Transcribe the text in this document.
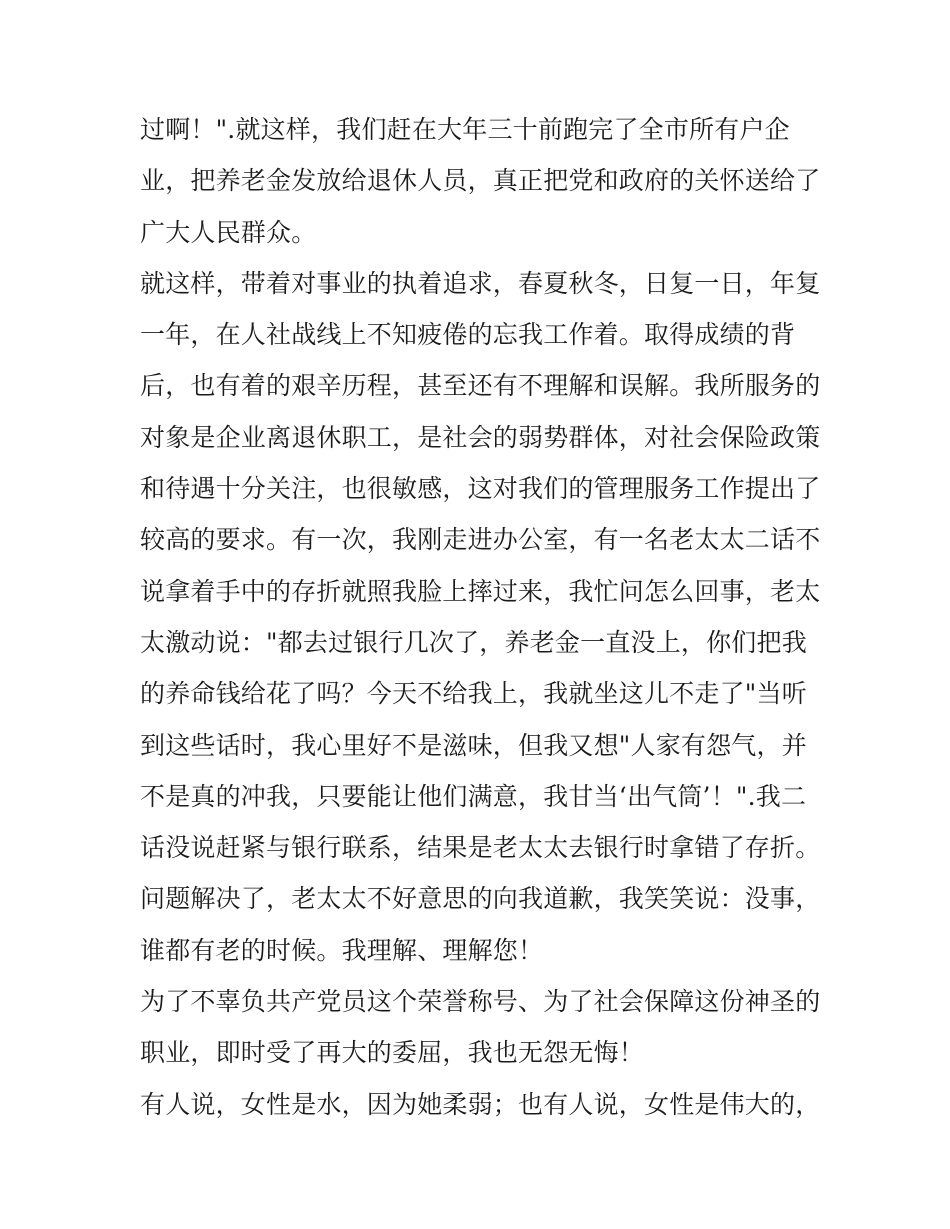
过啊！".就这样，我们赶在大年三十前跑完了全市所有户企
业，把养老金发放给退休人员，真正把党和政府的关怀送给了
广大人民群众。
就这样，带着对事业的执着追求，春夏秋冬，日复一日，年复
一年，在人社战线上不知疲倦的忘我工作着。取得成绩的背
后，也有着的艰辛历程，甚至还有不理解和误解。我所服务的
对象是企业离退休职工，是社会的弱势群体，对社会保险政策
和待遇十分关注，也很敏感，这对我们的管理服务工作提出了
较高的要求。有一次，我刚走进办公室，有一名老太太二话不
说拿着手中的存折就照我脸上摔过来，我忙问怎么回事，老太
太激动说："都去过银行几次了，养老金一直没上，你们把我
的养命钱给花了吗？今天不给我上，我就坐这儿不走了"当听
到这些话时，我心里好不是滋味，但我又想"人家有怨气，并
不是真的冲我，只要能让他们满意，我甘当‘出气筒’！".我二
话没说赶紧与银行联系，结果是老太太去银行时拿错了存折。
问题解决了，老太太不好意思的向我道歉，我笑笑说：没事，
谁都有老的时候。我理解、理解您！
为了不辜负共产党员这个荣誉称号、为了社会保障这份神圣的
职业，即时受了再大的委屈，我也无怨无悔！
有人说，女性是水，因为她柔弱；也有人说，女性是伟大的，
